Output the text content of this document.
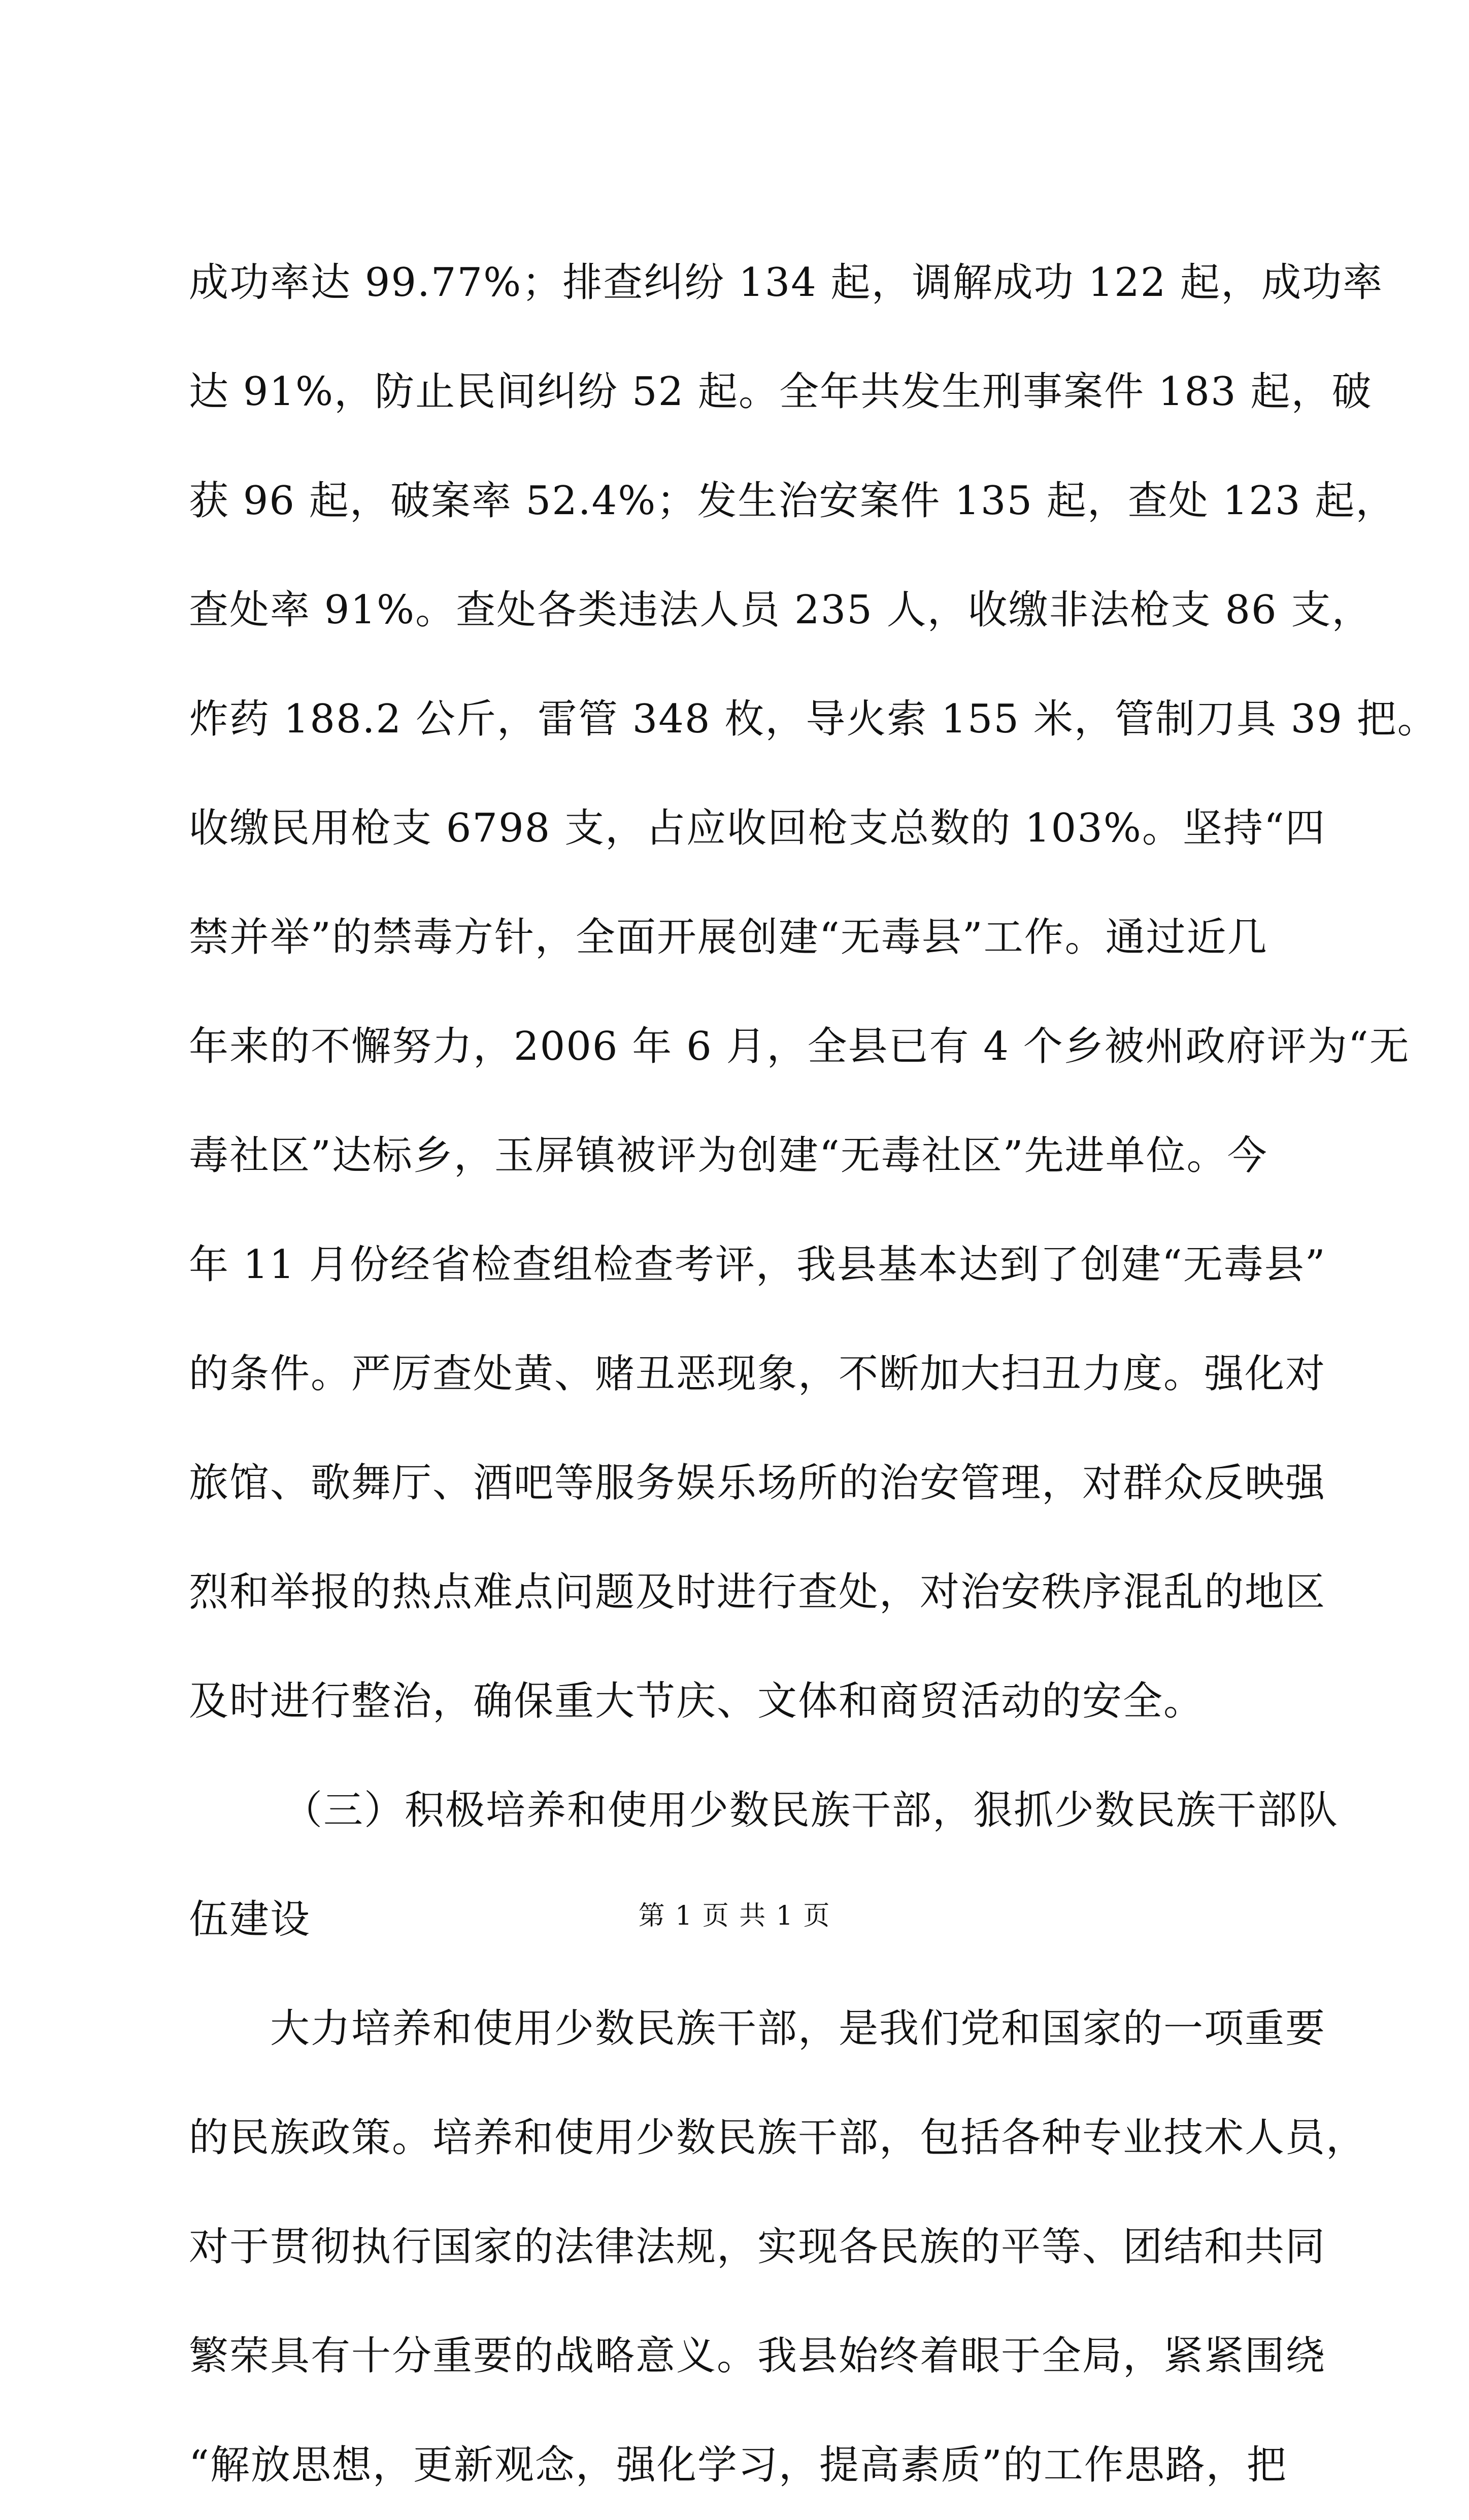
成功率达 99.77%；排查纠纷 134 起，调解成功 122 起，成功率
达 91%，防止民间纠纷 52 起。全年共发生刑事案件 183 起，破
获 96 起，破案率 52.4%；发生治安案件 135 起，查处 123 起，
查处率 91%。查处各类违法人员 235 人，收缴非法枪支 86 支，
炸药 188.2 公斤，雷管 348 枚，导火索 155 米，管制刀具 39 把。
收缴民用枪支 6798 支，占应收回枪支总数的 103%。坚持“四
禁并举”的禁毒方针，全面开展创建“无毒县”工作。通过近几
年来的不懈努力，2006 年 6 月，全县已有 4 个乡被州政府评为“无
毒社区”达标乡，玉屏镇被评为创建“无毒社区”先进单位。今
年 11 月份经省检查组检查考评，我县基本达到了创建“无毒县”
的条件。严厉查处黄、赌丑恶现象，不断加大扫丑力度。强化对
旅馆、歌舞厅、酒吧等服务娱乐场所的治安管理，对群众反映强
烈和举报的热点难点问题及时进行查处，对治安秩序混乱的地区
及时进行整治，确保重大节庆、文体和商贸活动的安全。
（三）积极培养和使用少数民族干部，狠抓少数民族干部队
伍建设
大力培养和使用少数民族干部，是我们党和国家的一项重要
的民族政策。培养和使用少数民族干部，包括各种专业技术人员，
对于贯彻执行国家的法律法规，实现各民族的平等、团结和共同
繁荣具有十分重要的战略意义。我县始终着眼于全局，紧紧围绕
“解放思想，更新观念，强化学习，提高素质”的工作思路，把
第 1 页 共 1 页
